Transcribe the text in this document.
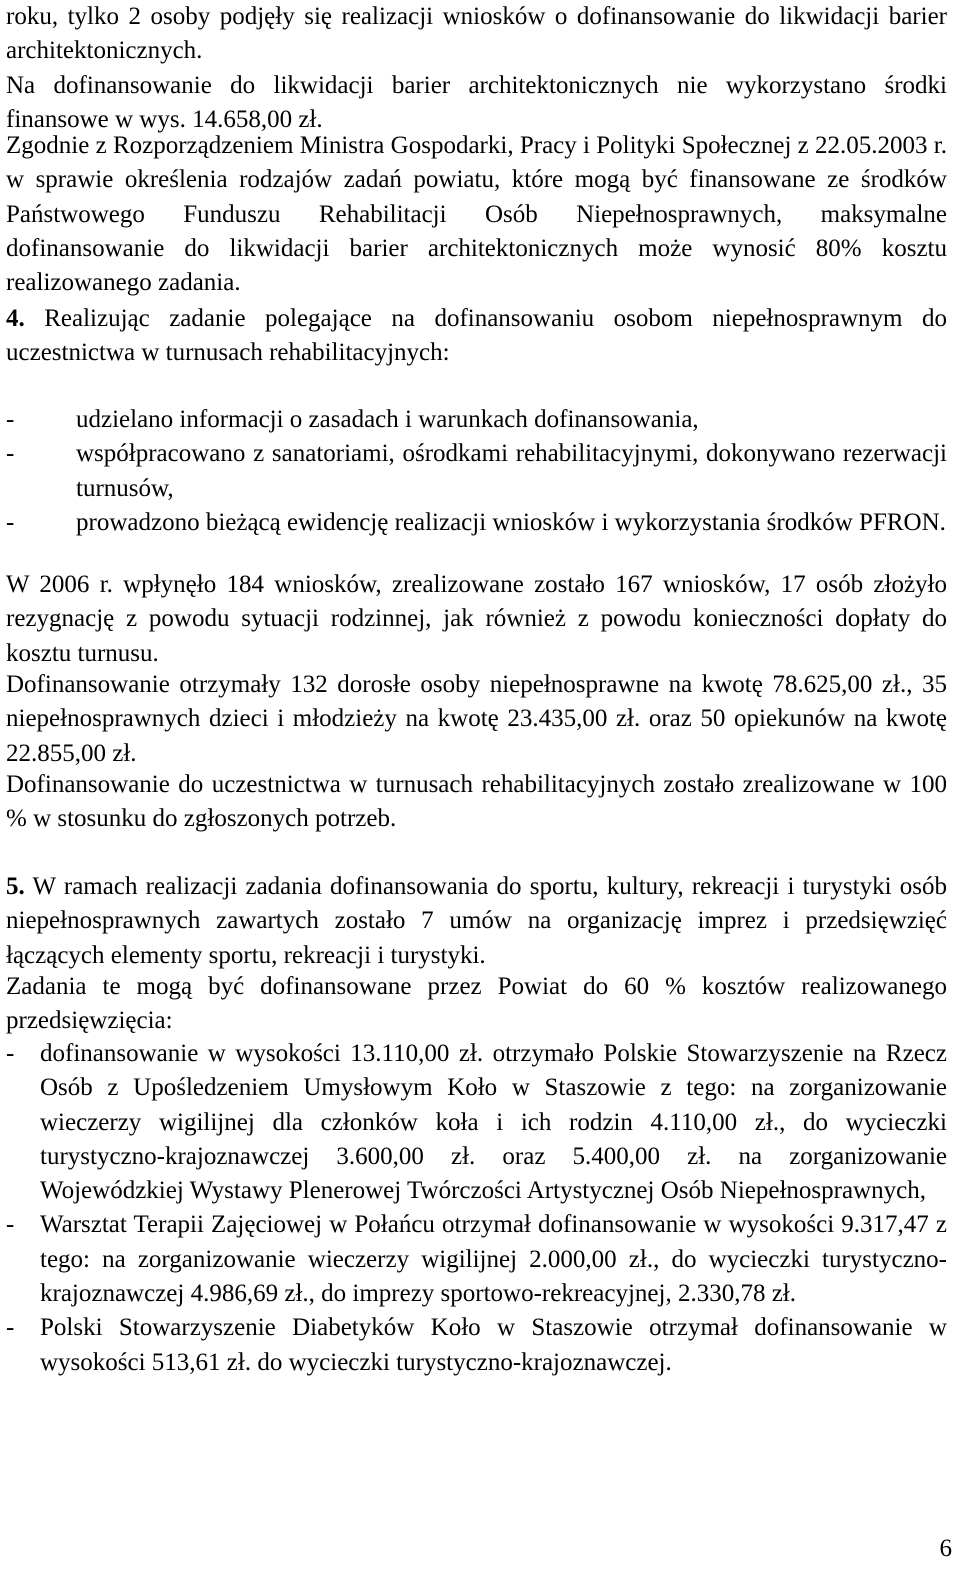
roku, tylko 2 osoby podjęły się realizacji wniosków o dofinansowanie do likwidacji barier architektonicznych.

Na dofinansowanie do likwidacji barier architektonicznych nie wykorzystano środki finansowe w wys. 14.658,00 zł.

Zgodnie z Rozporządzeniem Ministra Gospodarki, Pracy i Polityki Społecznej z 22.05.2003 r. w sprawie określenia rodzajów zadań powiatu, które mogą być finansowane ze środków Państwowego Funduszu Rehabilitacji Osób Niepełnosprawnych, maksymalne dofinansowanie do likwidacji barier architektonicznych może wynosić 80% kosztu realizowanego zadania.

4. Realizując zadanie polegające na dofinansowaniu osobom niepełnosprawnym do uczestnictwa w turnusach rehabilitacyjnych:

- udzielano informacji o zasadach i warunkach dofinansowania,
- współpracowano z sanatoriami, ośrodkami rehabilitacyjnymi, dokonywano rezerwacji turnusów,
- prowadzono bieżącą ewidencję realizacji wniosków i wykorzystania środków PFRON.

W 2006 r. wpłynęło 184 wniosków, zrealizowane zostało 167 wniosków, 17 osób złożyło rezygnację z powodu sytuacji rodzinnej, jak również z powodu konieczności dopłaty do kosztu turnusu.

Dofinansowanie otrzymały 132 dorosłe osoby niepełnosprawne na kwotę 78.625,00 zł., 35 niepełnosprawnych dzieci i młodzieży na kwotę 23.435,00 zł. oraz 50 opiekunów na kwotę 22.855,00 zł.

Dofinansowanie do uczestnictwa w turnusach rehabilitacyjnych zostało zrealizowane w 100 % w stosunku do zgłoszonych potrzeb.

5. W ramach realizacji zadania dofinansowania do sportu, kultury, rekreacji i turystyki osób niepełnosprawnych zawartych zostało 7 umów na organizację imprez i przedsięwzięć łączących elementy sportu, rekreacji i turystyki.

Zadania te mogą być dofinansowane przez Powiat do 60 % kosztów realizowanego przedsięwzięcia:

- dofinansowanie w wysokości 13.110,00 zł. otrzymało Polskie Stowarzyszenie na Rzecz Osób z Upośledzeniem Umysłowym Koło w Staszowie z tego: na zorganizowanie wieczerzy wigilijnej dla członków koła i ich rodzin 4.110,00 zł., do wycieczki turystyczno-krajoznawczej 3.600,00 zł. oraz 5.400,00 zł. na zorganizowanie Wojewódzkiej Wystawy Plenerowej Twórczości Artystycznej Osób Niepełnosprawnych,
- Warsztat Terapii Zajęciowej w Połańcu otrzymał dofinansowanie w wysokości 9.317,47 z tego: na zorganizowanie wieczerzy wigilijnej 2.000,00 zł., do wycieczki turystyczno-krajoznawczej 4.986,69 zł., do imprezy sportowo-rekreacyjnej, 2.330,78 zł.
- Polski Stowarzyszenie Diabetyków Koło w Staszowie otrzymał dofinansowanie w wysokości 513,61 zł. do wycieczki turystyczno-krajoznawczej.
6
